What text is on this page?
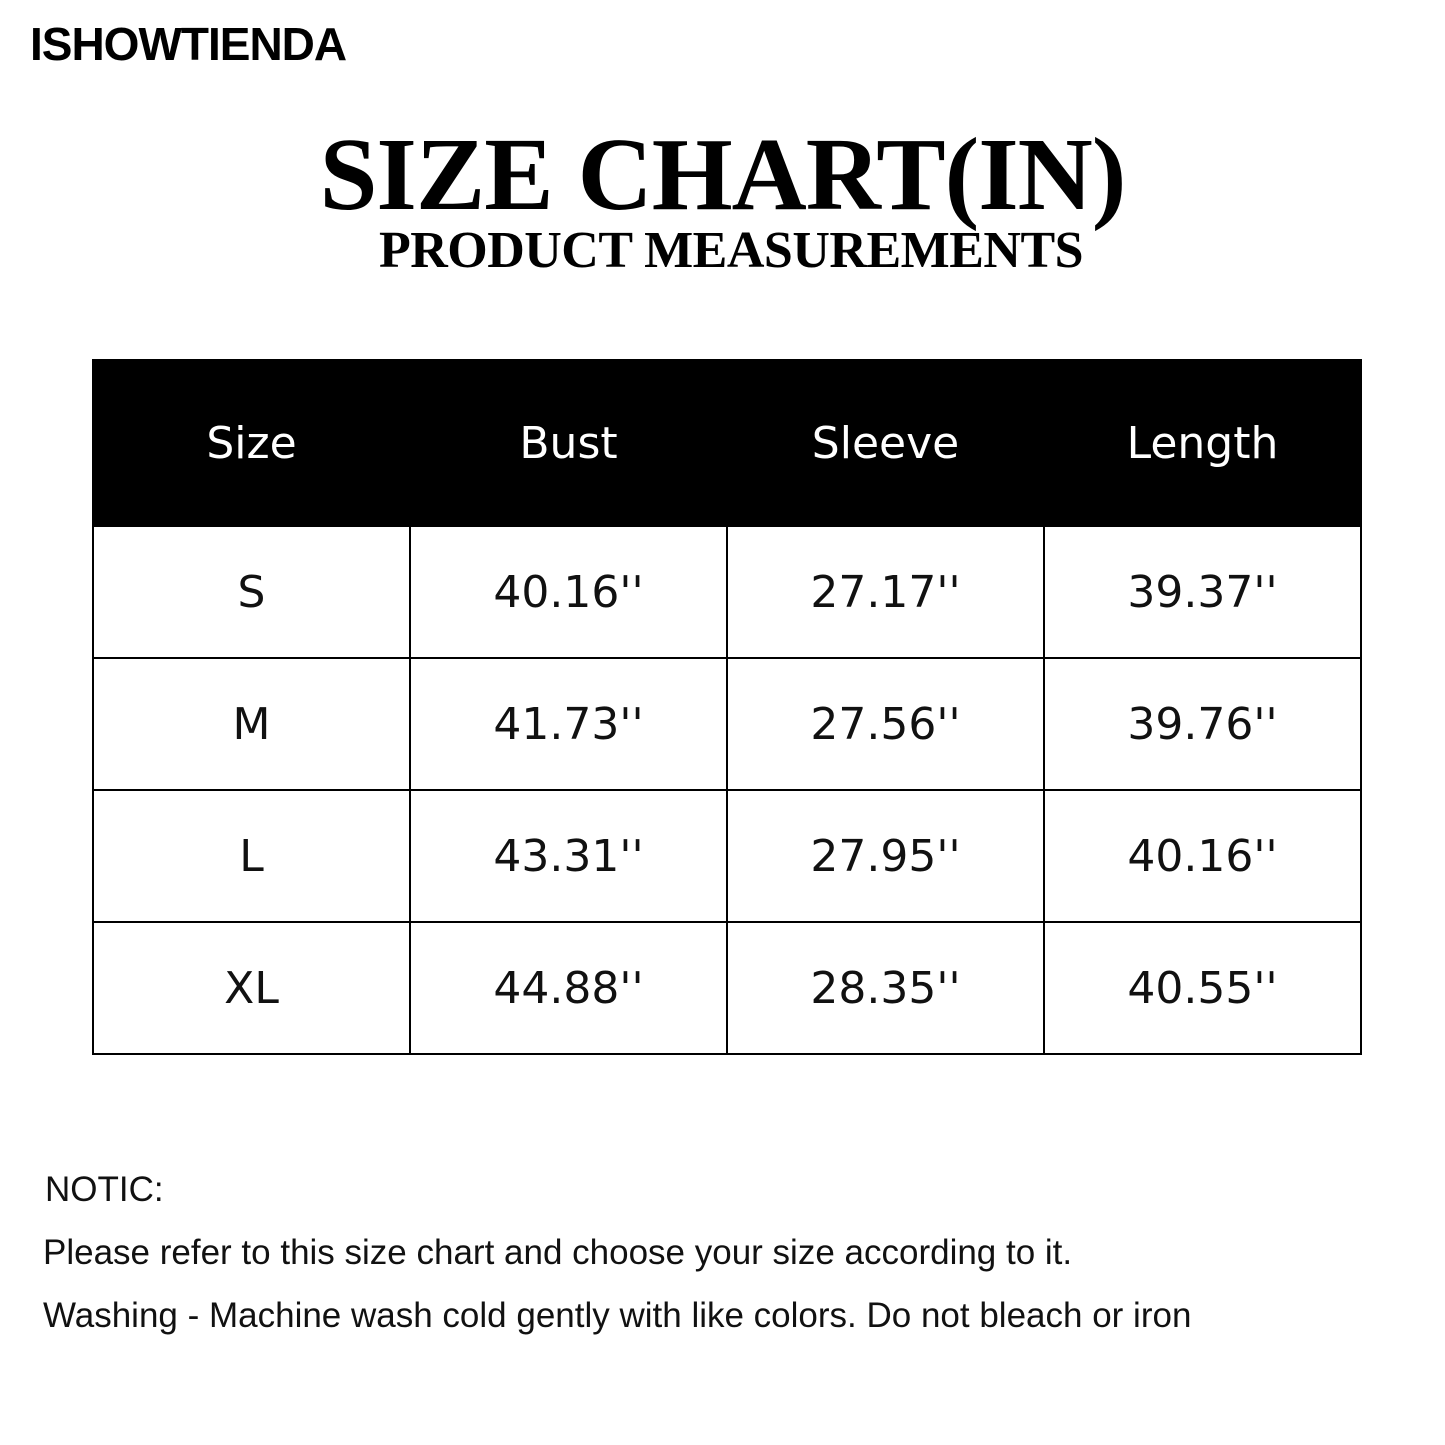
ISHOWTIENDA
SIZE CHART(IN)
PRODUCT MEASUREMENTS
Size	Bust	Sleeve	Length
S	40.16''	27.17''	39.37''
M	41.73''	27.56''	39.76''
L	43.31''	27.95''	40.16''
XL	44.88''	28.35''	40.55''
NOTIC:
Please refer to this size chart and choose your size according to it.
Washing - Machine wash cold gently with like colors. Do not bleach or iron
